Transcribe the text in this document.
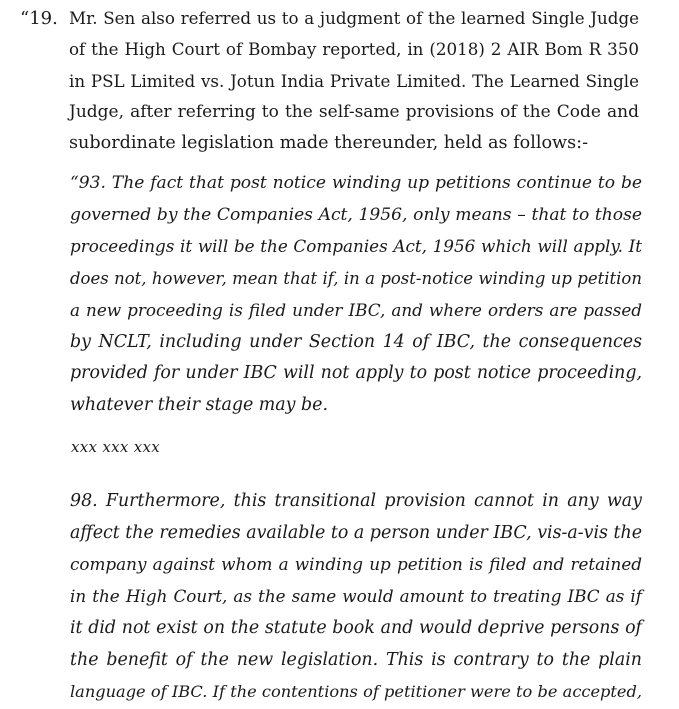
“19. Mr. Sen also referred us to a judgment of the learned Single Judge
of the High Court of Bombay reported, in (2018) 2 AIR Bom R 350
in PSL Limited vs. Jotun India Private Limited. The Learned Single
Judge, after referring to the self-same provisions of the Code and
subordinate legislation made thereunder, held as follows:-
“93. The fact that post notice winding up petitions continue to be
governed by the Companies Act, 1956, only means – that to those
proceedings it will be the Companies Act, 1956 which will apply. It
does not, however, mean that if, in a post-notice winding up petition
a new proceeding is filed under IBC, and where orders are passed
by NCLT, including under Section 14 of IBC, the consequences
provided for under IBC will not apply to post notice proceeding,
whatever their stage may be.
xxx xxx xxx
98. Furthermore, this transitional provision cannot in any way
affect the remedies available to a person under IBC, vis-a-vis the
company against whom a winding up petition is filed and retained
in the High Court, as the same would amount to treating IBC as if
it did not exist on the statute book and would deprive persons of
the benefit of the new legislation. This is contrary to the plain
language of IBC. If the contentions of petitioner were to be accepted,
